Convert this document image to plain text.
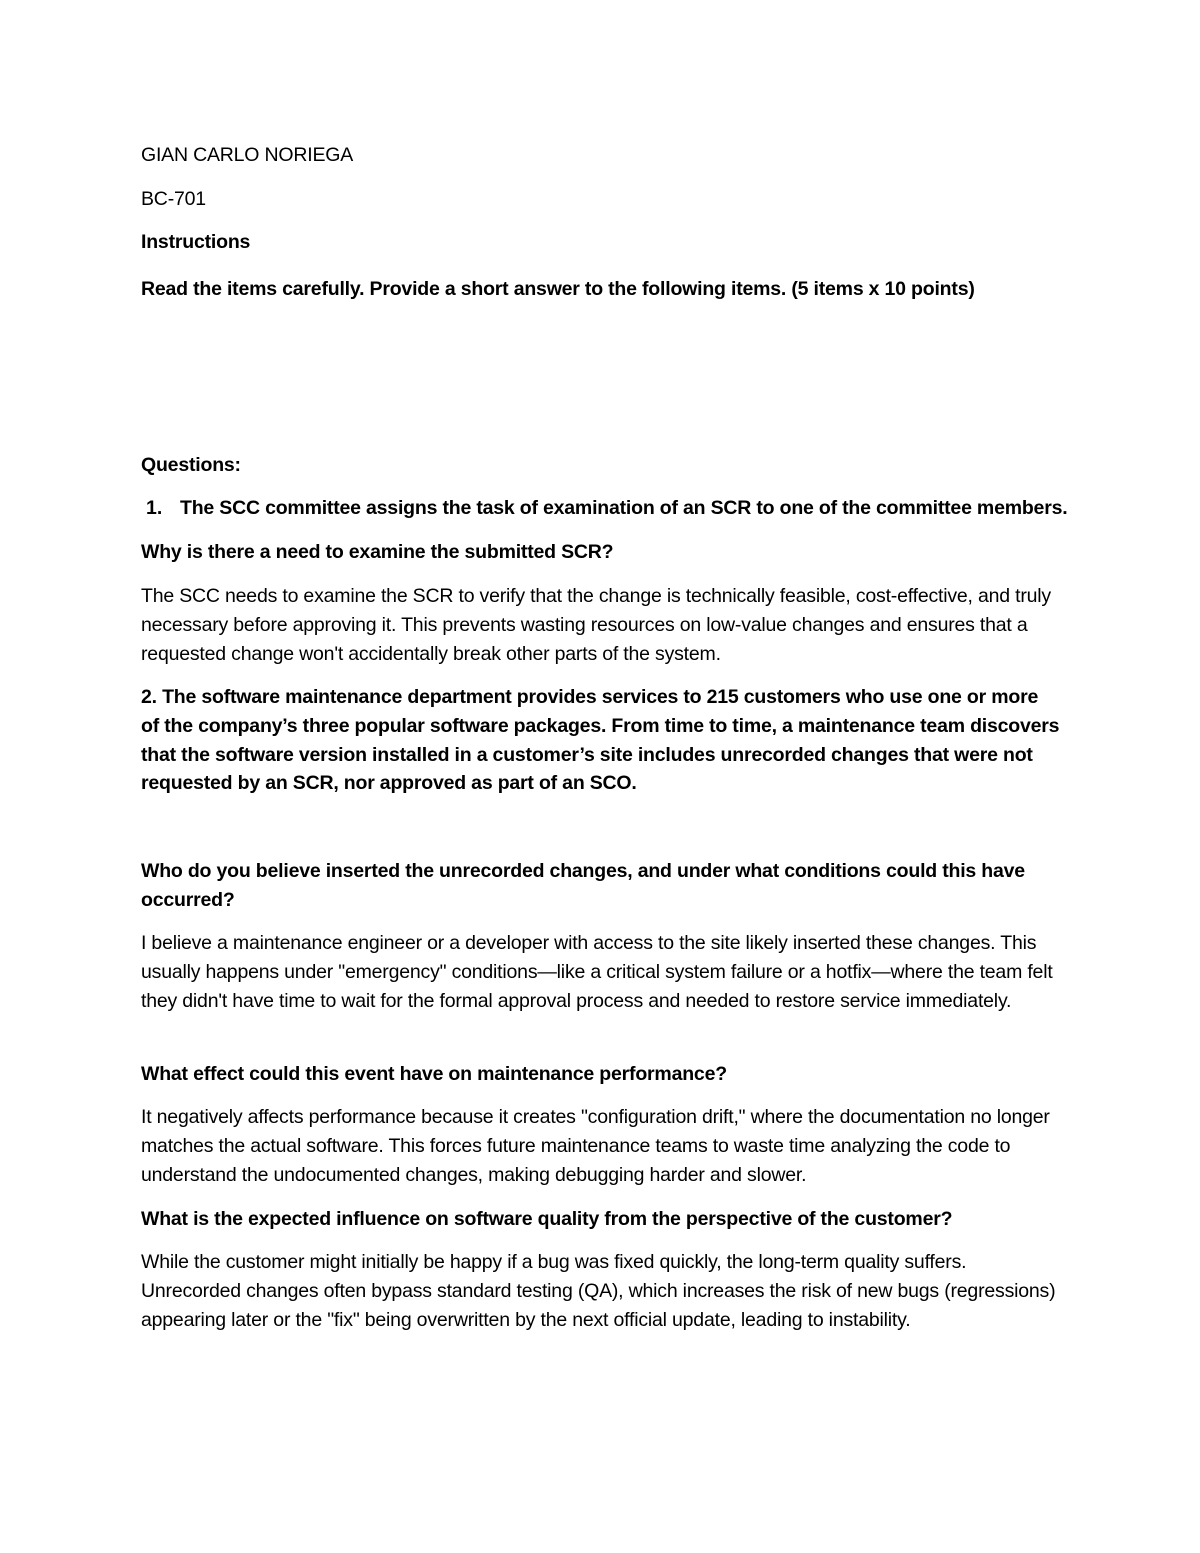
GIAN CARLO NORIEGA

BC-701

Instructions

Read the items carefully. Provide a short answer to the following items. (5 items x 10 points)

Questions:

1. The SCC committee assigns the task of examination of an SCR to one of the committee members.

Why is there a need to examine the submitted SCR?

The SCC needs to examine the SCR to verify that the change is technically feasible, cost-effective, and truly necessary before approving it. This prevents wasting resources on low-value changes and ensures that a requested change won't accidentally break other parts of the system.

2. The software maintenance department provides services to 215 customers who use one or more of the company’s three popular software packages. From time to time, a maintenance team discovers that the software version installed in a customer’s site includes unrecorded changes that were not requested by an SCR, nor approved as part of an SCO.

Who do you believe inserted the unrecorded changes, and under what conditions could this have occurred?

I believe a maintenance engineer or a developer with access to the site likely inserted these changes. This usually happens under "emergency" conditions—like a critical system failure or a hotfix—where the team felt they didn't have time to wait for the formal approval process and needed to restore service immediately.

What effect could this event have on maintenance performance?

It negatively affects performance because it creates "configuration drift," where the documentation no longer matches the actual software. This forces future maintenance teams to waste time analyzing the code to understand the undocumented changes, making debugging harder and slower.

What is the expected influence on software quality from the perspective of the customer?

While the customer might initially be happy if a bug was fixed quickly, the long-term quality suffers. Unrecorded changes often bypass standard testing (QA), which increases the risk of new bugs (regressions) appearing later or the "fix" being overwritten by the next official update, leading to instability.
